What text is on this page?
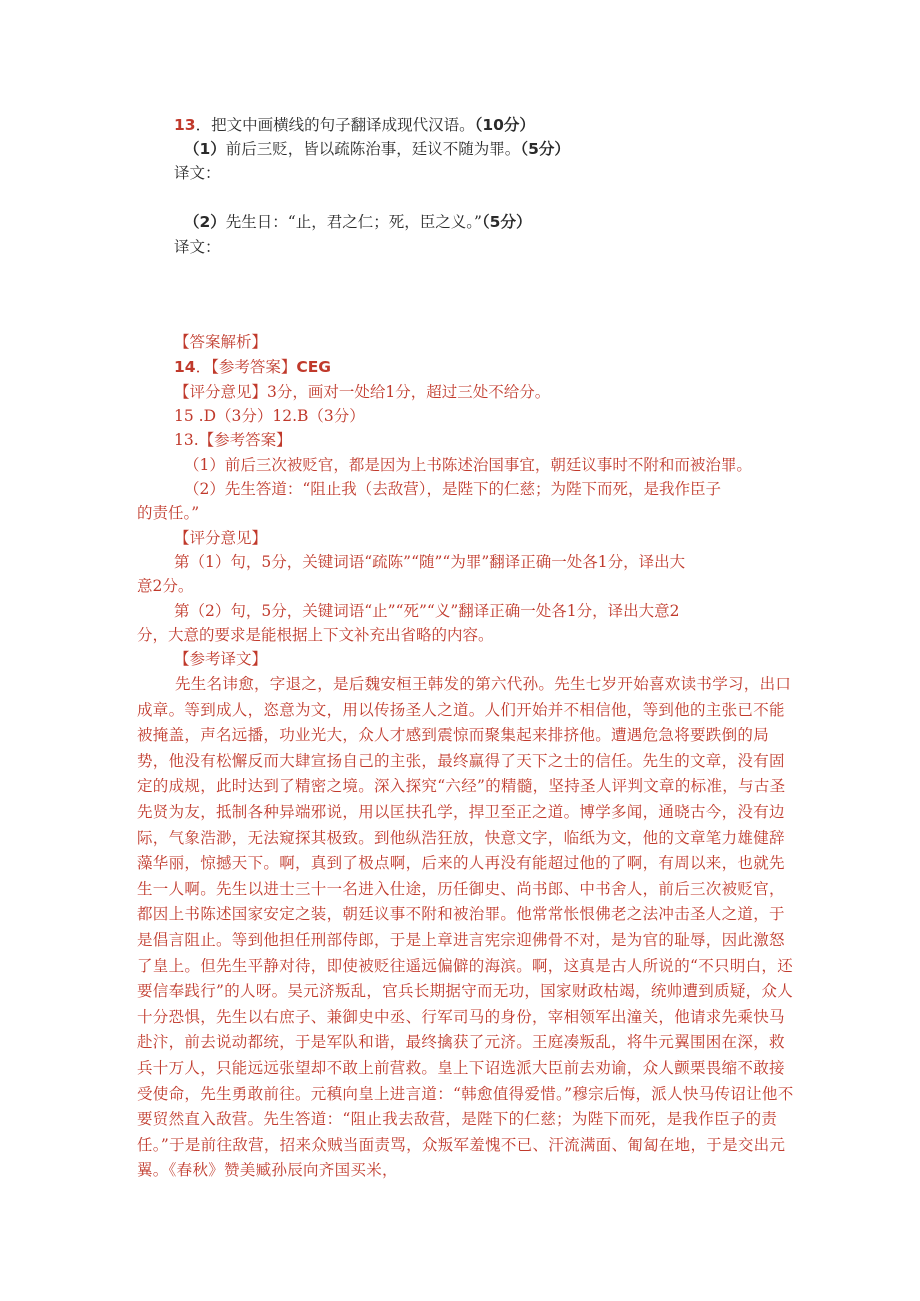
13．把文中画横线的句子翻译成现代汉语。（10分）
（1）前后三贬，皆以疏陈治事，廷议不随为罪。（5分）
译文：
（2）先生日：“止，君之仁；死，臣之义。”（5分）
译文：
【答案解析】
14．【参考答案】CEG
【评分意见】3分，画对一处给1分，超过三处不给分。
15 .D（3分）12.B（3分）
13.【参考答案】
（1）前后三次被贬官，都是因为上书陈述治国事宜，朝廷议事时不附和而被治罪。
（2）先生答道：“阻止我（去敌营），是陛下的仁慈；为陛下而死，是我作臣子
的责任。”
【评分意见】
第（1）句，5分，关键词语“疏陈”“随”“为罪”翻译正确一处各1分，译出大
意2分。
第（2）句，5分，关键词语“止”“死”“义”翻译正确一处各1分，译出大意2
分，大意的要求是能根据上下文补充出省略的内容。
【参考译文】
先生名讳愈，字退之，是后魏安桓王韩发的第六代孙。先生七岁开始喜欢读书学习，出口成章。等到成人，恣意为文，用以传扬圣人之道。人们开始并不相信他，等到他的主张已不能被掩盖，声名远播，功业光大，众人才感到震惊而聚集起来排挤他。遭遇危急将要跌倒的局势，他没有松懈反而大肆宣扬自己的主张，最终赢得了天下之士的信任。先生的文章，没有固定的成规，此时达到了精密之境。深入探究“六经”的精髓，坚持圣人评判文章的标准，与古圣先贤为友，抵制各种异端邪说，用以匡扶孔学，捍卫至正之道。博学多闻，通晓古今，没有边际，气象浩渺，无法窥探其极致。到他纵浩狂放，快意文字，临纸为文，他的文章笔力雄健辞藻华丽，惊撼天下。啊，真到了极点啊，后来的人再没有能超过他的了啊，有周以来，也就先生一人啊。先生以进士三十一名进入仕途，历任御史、尚书郎、中书舍人，前后三次被贬官，都因上书陈述国家安定之装，朝廷议事不附和被治罪。他常常怅恨佛老之法冲击圣人之道，于是倡言阻止。等到他担任刑部侍郎，于是上章进言宪宗迎佛骨不对，是为官的耻辱，因此激怒了皇上。但先生平静对待，即使被贬往遥远偏僻的海滨。啊，这真是古人所说的“不只明白，还要信奉践行”的人呀。吴元济叛乱，官兵长期据守而无功，国家财政枯竭，统帅遭到质疑，众人十分恐惧，先生以右庶子、兼御史中丞、行军司马的身份，宰相领军出潼关，他请求先乘快马赴汴，前去说动都统，于是军队和谐，最终擒获了元济。王庭凑叛乱，将牛元翼围困在深，救兵十万人，只能远远张望却不敢上前营救。皇上下诏选派大臣前去劝谕，众人颤栗畏缩不敢接受使命，先生勇敢前往。元稹向皇上进言道：“韩愈值得爱惜。”穆宗后悔，派人快马传诏让他不要贸然直入敌营。先生答道：“阻止我去敌营，是陛下的仁慈；为陛下而死，是我作臣子的责任。”于是前往敌营，招来众贼当面责骂，众叛军羞愧不已、汗流满面、匍匐在地，于是交出元翼。《春秋》赞美臧孙辰向齐国买米，
